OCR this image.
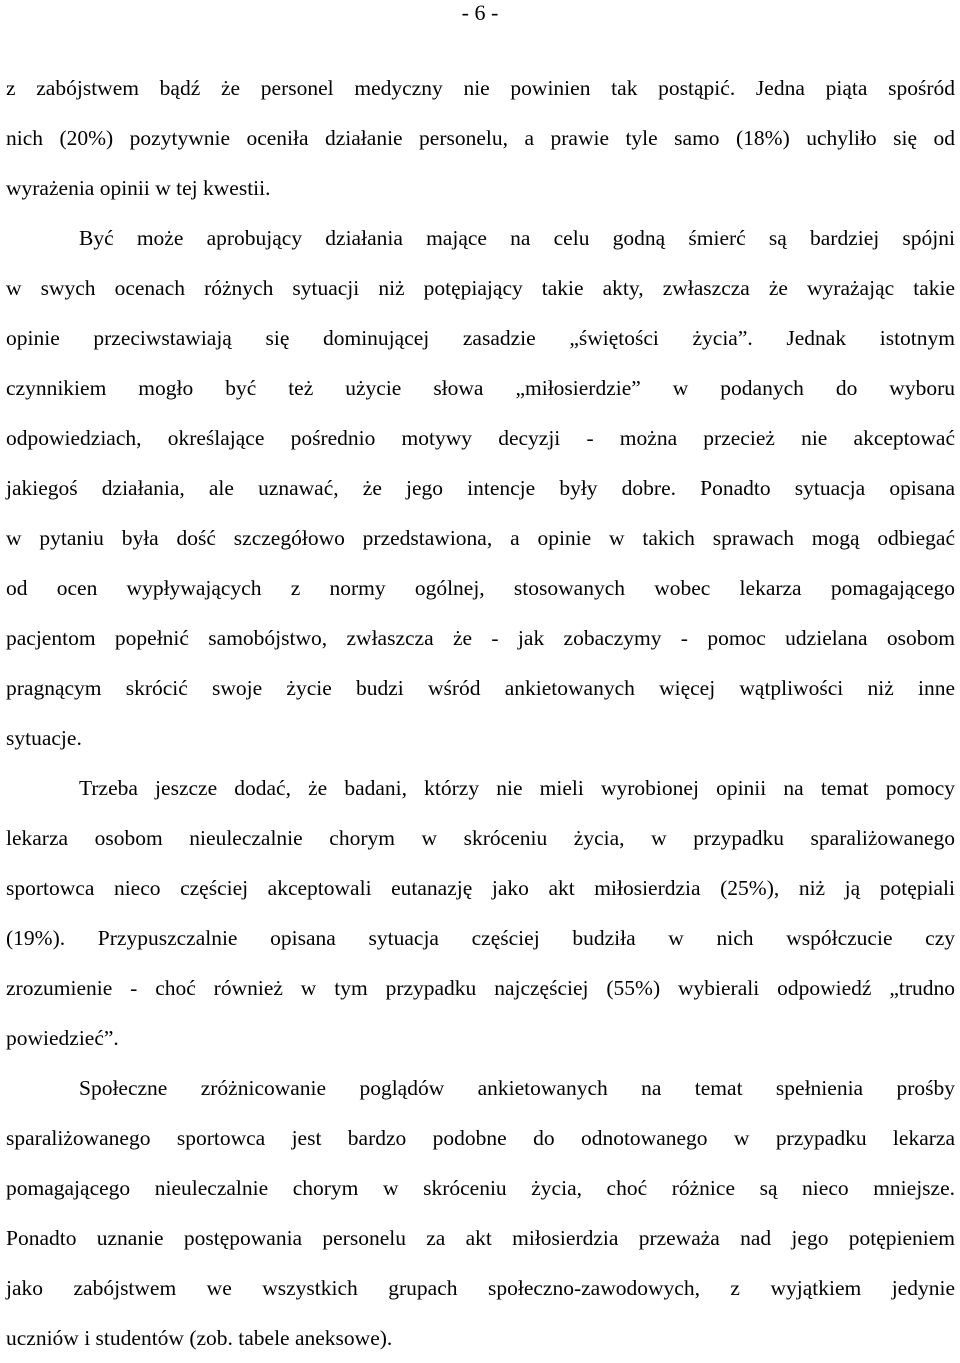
- 6 -
z zabójstwem bądź że personel medyczny nie powinien tak postąpić. Jedna piąta spośród
nich (20%) pozytywnie oceniła działanie personelu, a prawie tyle samo (18%) uchyliło się od
wyrażenia opinii w tej kwestii.
Być może aprobujący działania mające na celu godną śmierć są bardziej spójni
w swych ocenach różnych sytuacji niż potępiający takie akty, zwłaszcza że wyrażając takie
opinie przeciwstawiają się dominującej zasadzie „świętości życia”. Jednak istotnym
czynnikiem mogło być też użycie słowa „miłosierdzie” w podanych do wyboru
odpowiedziach, określające pośrednio motywy decyzji - można przecież nie akceptować
jakiegoś działania, ale uznawać, że jego intencje były dobre. Ponadto sytuacja opisana
w pytaniu była dość szczegółowo przedstawiona, a opinie w takich sprawach mogą odbiegać
od ocen wypływających z normy ogólnej, stosowanych wobec lekarza pomagającego
pacjentom popełnić samobójstwo, zwłaszcza że - jak zobaczymy - pomoc udzielana osobom
pragnącym skrócić swoje życie budzi wśród ankietowanych więcej wątpliwości niż inne
sytuacje.
Trzeba jeszcze dodać, że badani, którzy nie mieli wyrobionej opinii na temat pomocy
lekarza osobom nieuleczalnie chorym w skróceniu życia, w przypadku sparaliżowanego
sportowca nieco częściej akceptowali eutanazję jako akt miłosierdzia (25%), niż ją potępiali
(19%). Przypuszczalnie opisana sytuacja częściej budziła w nich współczucie czy
zrozumienie - choć również w tym przypadku najczęściej (55%) wybierali odpowiedź „trudno
powiedzieć”.
Społeczne zróżnicowanie poglądów ankietowanych na temat spełnienia prośby
sparaliżowanego sportowca jest bardzo podobne do odnotowanego w przypadku lekarza
pomagającego nieuleczalnie chorym w skróceniu życia, choć różnice są nieco mniejsze.
Ponadto uznanie postępowania personelu za akt miłosierdzia przeważa nad jego potępieniem
jako zabójstwem we wszystkich grupach społeczno-zawodowych, z wyjątkiem jedynie
uczniów i studentów (zob. tabele aneksowe).
